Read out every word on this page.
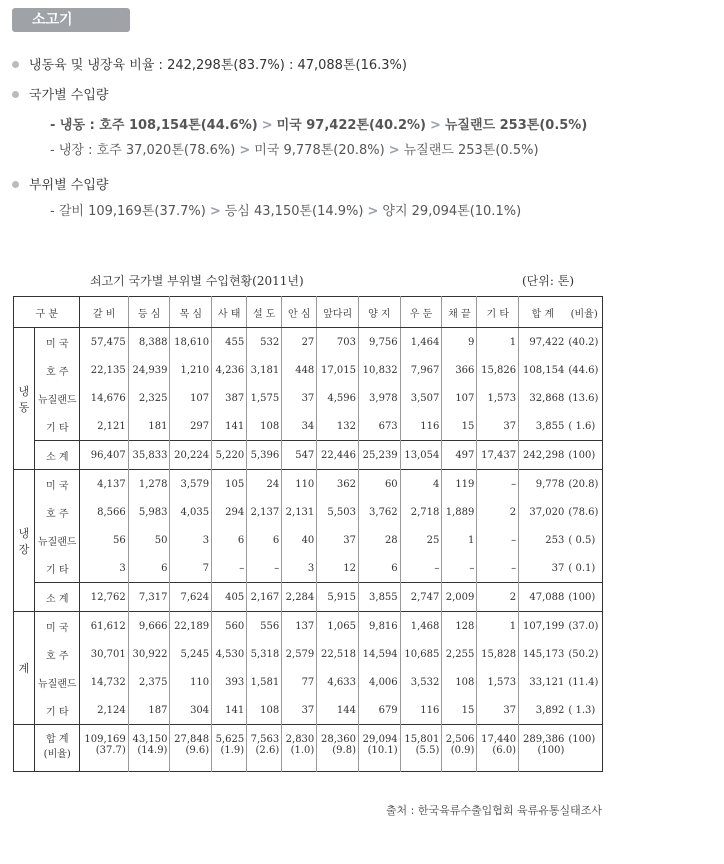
소고기
냉동육 및 냉장육 비율 : 242,298톤(83.7%) : 47,088톤(16.3%)
국가별 수입량
- 냉동 : 호주 108,154톤(44.6%) > 미국 97,422톤(40.2%) > 뉴질랜드 253톤(0.5%)
- 냉장 : 호주 37,020톤(78.6%) > 미국 9,778톤(20.8%) > 뉴질랜드 253톤(0.5%)
부위별 수입량
- 갈비 109,169톤(37.7%) > 등심 43,150톤(14.9%) > 양지 29,094톤(10.1%)
쇠고기 국가별 부위별 수입현황(2011년)	(단위: 톤)
구 분		갈 비	등 심	목 심	사 태	설 도	안 심	앞다리	양 지	우 둔	채 끝	기 타	합 계	(비율)
냉
동	미 국	57,475	8,388	18,610	455	532	27	703	9,756	1,464	9	1	97,422	(40.2)
	호 주	22,135	24,939	1,210	4,236	3,181	448	17,015	10,832	7,967	366	15,826	108,154	(44.6)
	뉴질랜드	14,676	2,325	107	387	1,575	37	4,596	3,978	3,507	107	1,573	32,868	(13.6)
	기 타	2,121	181	297	141	108	34	132	673	116	15	37	3,855	( 1.6)
	소 계	96,407	35,833	20,224	5,220	5,396	547	22,446	25,239	13,054	497	17,437	242,298	(100)
냉
장	미 국	4,137	1,278	3,579	105	24	110	362	60	4	119	–	9,778	(20.8)
	호 주	8,566	5,983	4,035	294	2,137	2,131	5,503	3,762	2,718	1,889	2	37,020	(78.6)
	뉴질랜드	56	50	3	6	6	40	37	28	25	1	–	253	( 0.5)
	기 타	3	6	7	–	–	3	12	6	–	–	–	37	( 0.1)
	소 계	12,762	7,317	7,624	405	2,167	2,284	5,915	3,855	2,747	2,009	2	47,088	(100)
계	미 국	61,612	9,666	22,189	560	556	137	1,065	9,816	1,468	128	1	107,199	(37.0)
	호 주	30,701	30,922	5,245	4,530	5,318	2,579	22,518	14,594	10,685	2,255	15,828	145,173	(50.2)
	뉴질랜드	14,732	2,375	110	393	1,581	77	4,633	4,006	3,532	108	1,573	33,121	(11.4)
	기 타	2,124	187	304	141	108	37	144	679	116	15	37	3,892	( 1.3)
	합 계	109,169	43,150	27,848	5,625	7,563	2,830	28,360	29,094	15,801	2,506	17,440	289,386	(100)
	(비율)	(37.7)	(14.9)	(9.6)	(1.9)	(2.6)	(1.0)	(9.8)	(10.1)	(5.5)	(0.9)	(6.0)	(100)	
출처 : 한국육류수출입협회 육류유통실태조사
